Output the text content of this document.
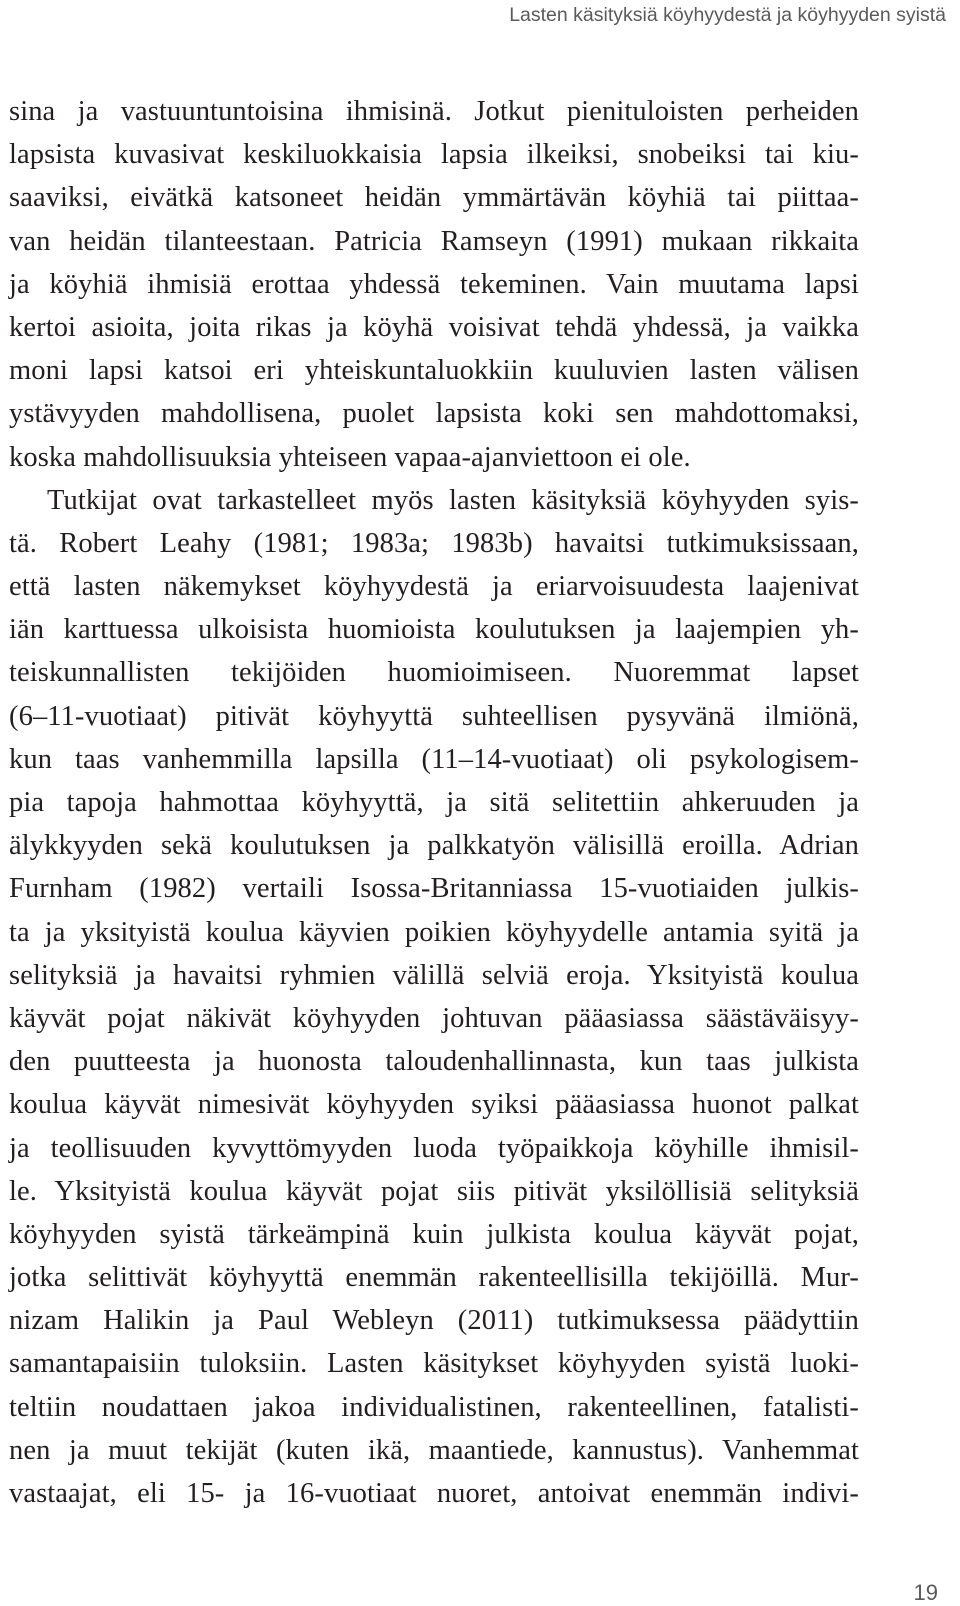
Lasten käsityksiä köyhyydestä ja köyhyyden syistä
sina ja vastuuntuntoisina ihmisinä. Jotkut pienituloisten perheiden
lapsista kuvasivat keskiluokkaisia lapsia ilkeiksi, snobeiksi tai kiu-
saaviksi, eivätkä katsoneet heidän ymmärtävän köyhiä tai piittaa-
van heidän tilanteestaan. Patricia Ramseyn (1991) mukaan rikkaita
ja köyhiä ihmisiä erottaa yhdessä tekeminen. Vain muutama lapsi
kertoi asioita, joita rikas ja köyhä voisivat tehdä yhdessä, ja vaikka
moni lapsi katsoi eri yhteiskuntaluokkiin kuuluvien lasten välisen
ystävyyden mahdollisena, puolet lapsista koki sen mahdottomaksi,
koska mahdollisuuksia yhteiseen vapaa-ajanviettoon ei ole.
Tutkijat ovat tarkastelleet myös lasten käsityksiä köyhyyden syis-
tä. Robert Leahy (1981; 1983a; 1983b) havaitsi tutkimuksissaan,
että lasten näkemykset köyhyydestä ja eriarvoisuudesta laajenivat
iän karttuessa ulkoisista huomioista koulutuksen ja laajempien yh-
teiskunnallisten tekijöiden huomioimiseen. Nuoremmat lapset
(6–11-vuotiaat) pitivät köyhyyttä suhteellisen pysyvänä ilmiönä,
kun taas vanhemmilla lapsilla (11–14-vuotiaat) oli psykologisem-
pia tapoja hahmottaa köyhyyttä, ja sitä selitettiin ahkeruuden ja
älykkyyden sekä koulutuksen ja palkkatyön välisillä eroilla. Adrian
Furnham (1982) vertaili Isossa-Britanniassa 15-vuotiaiden julkis-
ta ja yksityistä koulua käyvien poikien köyhyydelle antamia syitä ja
selityksiä ja havaitsi ryhmien välillä selviä eroja. Yksityistä koulua
käyvät pojat näkivät köyhyyden johtuvan pääasiassa säästäväisyy-
den puutteesta ja huonosta taloudenhallinnasta, kun taas julkista
koulua käyvät nimesivät köyhyyden syiksi pääasiassa huonot palkat
ja teollisuuden kyvyttömyyden luoda työpaikkoja köyhille ihmisil-
le. Yksityistä koulua käyvät pojat siis pitivät yksilöllisiä selityksiä
köyhyyden syistä tärkeämpinä kuin julkista koulua käyvät pojat,
jotka selittivät köyhyyttä enemmän rakenteellisilla tekijöillä. Mur-
nizam Halikin ja Paul Webleyn (2011) tutkimuksessa päädyttiin
samantapaisiin tuloksiin. Lasten käsitykset köyhyyden syistä luoki-
teltiin noudattaen jakoa individualistinen, rakenteellinen, fatalisti-
nen ja muut tekijät (kuten ikä, maantiede, kannustus). Vanhemmat
vastaajat, eli 15- ja 16-vuotiaat nuoret, antoivat enemmän indivi-
19
